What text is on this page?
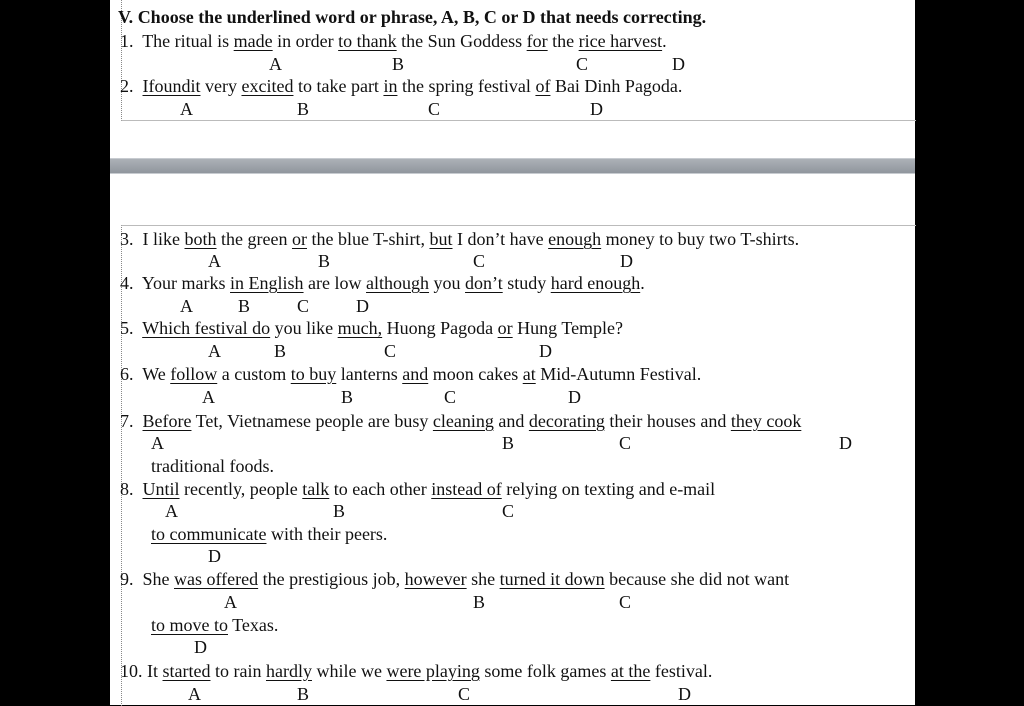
V. Choose the underlined word or phrase, A, B, C or D that needs correcting.
1. The ritual is made in order to thank the Sun Goddess for the rice harvest.
A	B	C	D
2. Ifoundit very excited to take part in the spring festival of Bai Dinh Pagoda.
A	B	C	D
3. I like both the green or the blue T-shirt, but I don’t have enough money to buy two T-shirts.
A	B	C	D
4. Your marks in English are low although you don’t study hard enough.
A	B	C	D
5. Which festival do you like much, Huong Pagoda or Hung Temple?
A	B	C	D
6. We follow a custom to buy lanterns and moon cakes at Mid-Autumn Festival.
A	B	C	D
7. Before Tet, Vietnamese people are busy cleaning and decorating their houses and they cook
A	B	C	D
traditional foods.
8. Until recently, people talk to each other instead of relying on texting and e-mail
A	B	C
to communicate with their peers.
D
9. She was offered the prestigious job, however she turned it down because she did not want
A	B	C
to move to Texas.
D
10. It started to rain hardly while we were playing some folk games at the festival.
A	B	C	D
